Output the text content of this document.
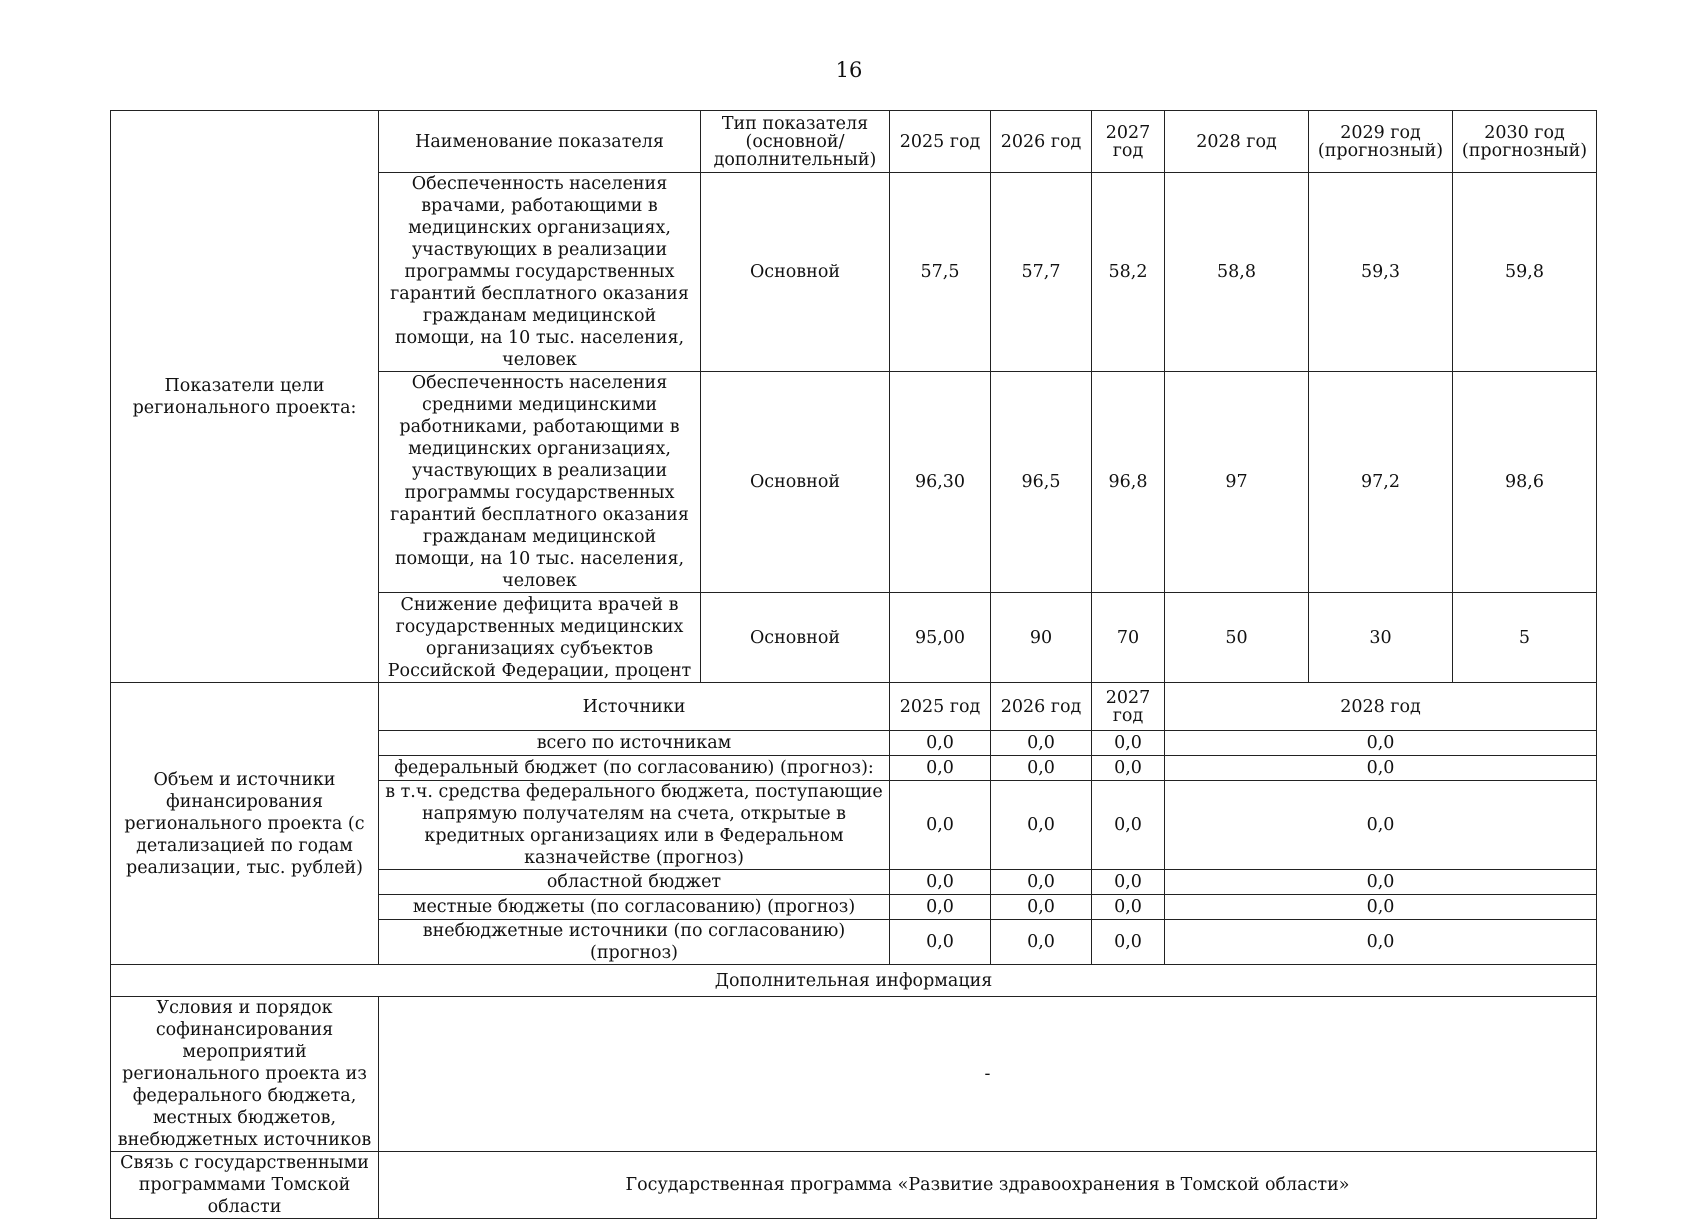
16
Показатели цели регионального проекта:	Наименование показателя	Тип показателя (основной/ дополнительный)	2025 год	2026 год	2027 год	2028 год	2029 год (прогнозный)	2030 год (прогнозный)
	Обеспеченность населения врачами, работающими в медицинских организациях, участвующих в реализации программы государственных гарантий бесплатного оказания гражданам медицинской помощи, на 10 тыс. населения, человек	Основной	57,5	57,7	58,2	58,8	59,3	59,8
	Обеспеченность населения средними медицинскими работниками, работающими в медицинских организациях, участвующих в реализации программы государственных гарантий бесплатного оказания гражданам медицинской помощи, на 10 тыс. населения, человек	Основной	96,30	96,5	96,8	97	97,2	98,6
	Снижение дефицита врачей в государственных медицинских организациях субъектов Российской Федерации, процент	Основной	95,00	90	70	50	30	5
Объем и источники финансирования регионального проекта (с детализацией по годам реализации, тыс. рублей)	Источники		2025 год	2026 год	2027 год	2028 год		
	всего по источникам		0,0	0,0	0,0	0,0		
	федеральный бюджет (по согласованию) (прогноз):		0,0	0,0	0,0	0,0		
	в т.ч. средства федерального бюджета, поступающие напрямую получателям на счета, открытые в кредитных организациях или в Федеральном казначействе (прогноз)		0,0	0,0	0,0	0,0		
	областной бюджет		0,0	0,0	0,0	0,0		
	местные бюджеты (по согласованию) (прогноз)		0,0	0,0	0,0	0,0		
	внебюджетные источники (по согласованию) (прогноз)		0,0	0,0	0,0	0,0		
Дополнительная информация								
Условия и порядок софинансирования мероприятий регионального проекта из федерального бюджета, местных бюджетов, внебюджетных источников	-							
Связь с государственными программами Томской области	Государственная программа «Развитие здравоохранения в Томской области»							
